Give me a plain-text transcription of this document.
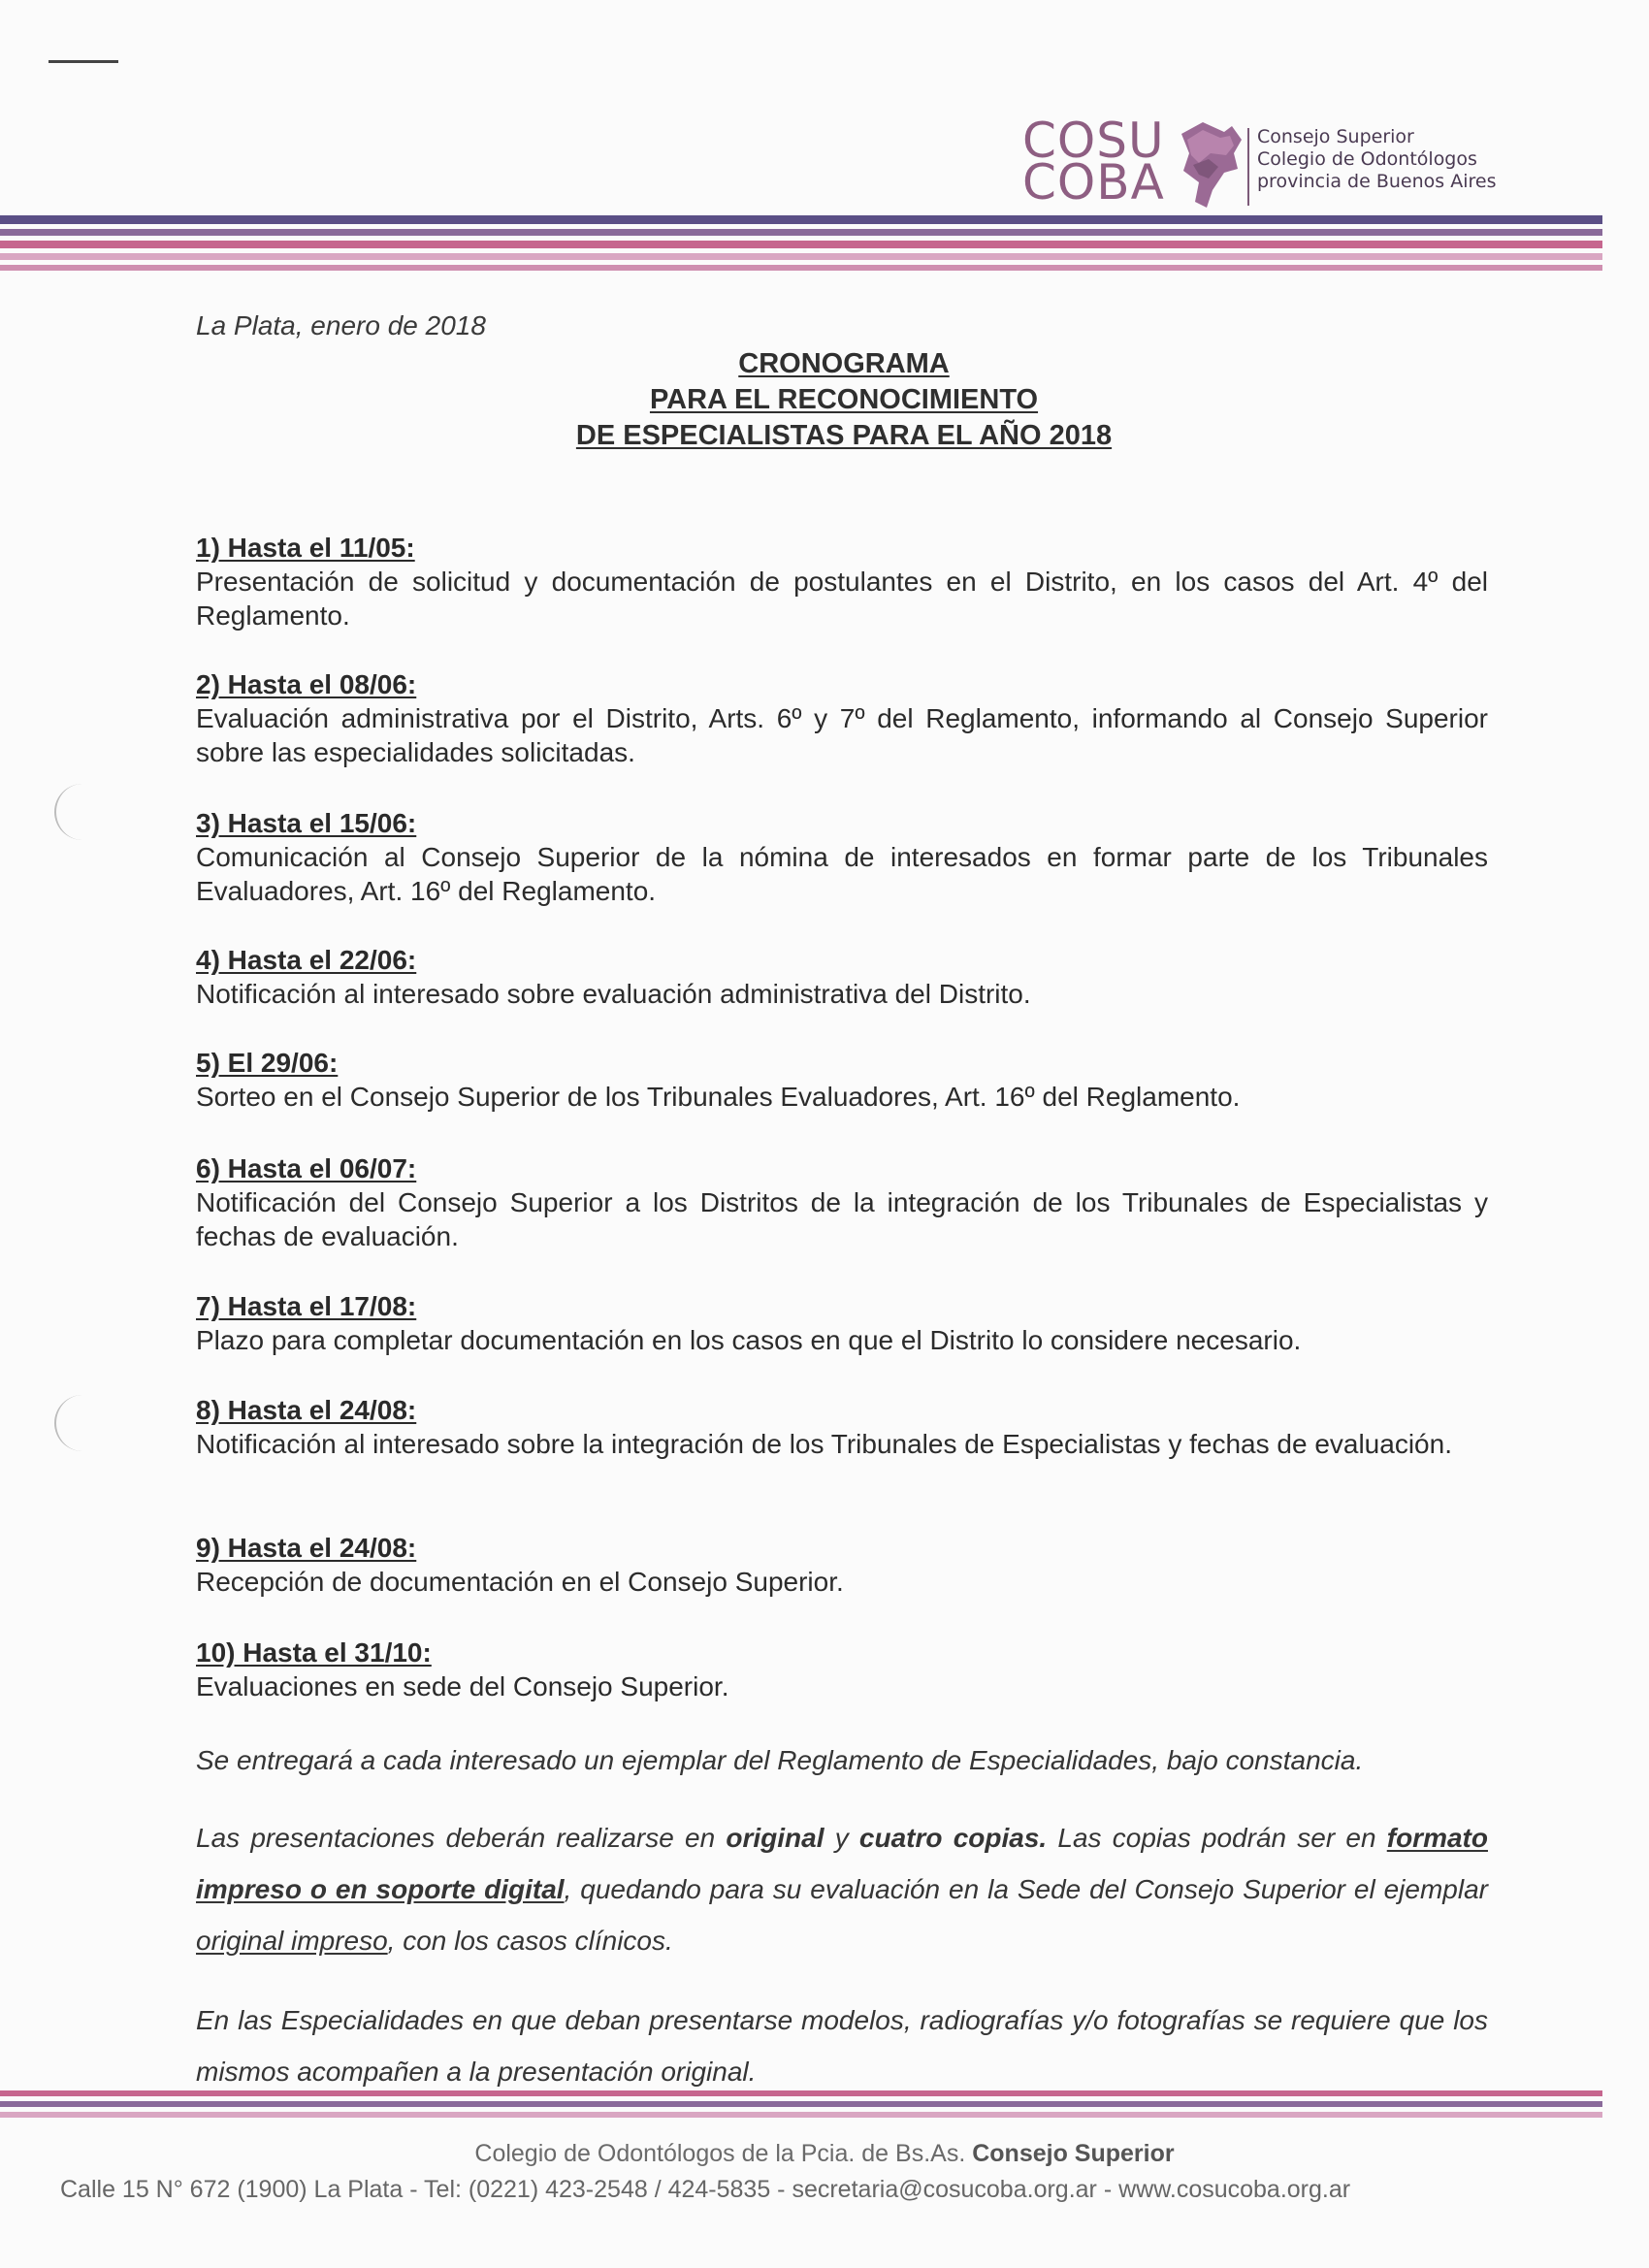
COSU
COBA
Consejo Superior
Colegio de Odontólogos
provincia de Buenos Aires
La Plata, enero de 2018
CRONOGRAMA
PARA EL RECONOCIMIENTO
DE ESPECIALISTAS PARA EL AÑO 2018
1) Hasta el 11/05:
Presentación de solicitud y documentación de postulantes en el Distrito, en los casos del Art. 4º del Reglamento.
2) Hasta el 08/06:
Evaluación administrativa por el Distrito, Arts. 6º y 7º del Reglamento, informando al Consejo Superior sobre las especialidades solicitadas.
3) Hasta el 15/06:
Comunicación al Consejo Superior de la nómina de interesados en formar parte de los Tribunales Evaluadores, Art. 16º del Reglamento.
4) Hasta el 22/06:
Notificación al interesado sobre evaluación administrativa del Distrito.
5) El 29/06:
Sorteo en el Consejo Superior de los Tribunales Evaluadores, Art. 16º del Reglamento.
6) Hasta el 06/07:
Notificación del Consejo Superior a los Distritos de la integración de los Tribunales de Especialistas y fechas de evaluación.
7) Hasta el 17/08:
Plazo para completar documentación en los casos en que el Distrito lo considere necesario.
8) Hasta el 24/08:
Notificación al interesado sobre la integración de los Tribunales de Especialistas y fechas de evaluación.
9) Hasta el 24/08:
Recepción de documentación en el Consejo Superior.
10) Hasta el 31/10:
Evaluaciones en sede del Consejo Superior.
Se entregará a cada interesado un ejemplar del Reglamento de Especialidades, bajo constancia.
Las presentaciones deberán realizarse en original y cuatro copias. Las copias podrán ser en formato impreso o en soporte digital, quedando para su evaluación en la Sede del Consejo Superior el ejemplar original impreso, con los casos clínicos.
En las Especialidades en que deban presentarse modelos, radiografías y/o fotografías se requiere que los mismos acompañen a la presentación original.
Colegio de Odontólogos de la Pcia. de Bs.As. Consejo Superior
Calle 15 N° 672 (1900) La Plata - Tel: (0221) 423-2548 / 424-5835 - secretaria@cosucoba.org.ar - www.cosucoba.org.ar
